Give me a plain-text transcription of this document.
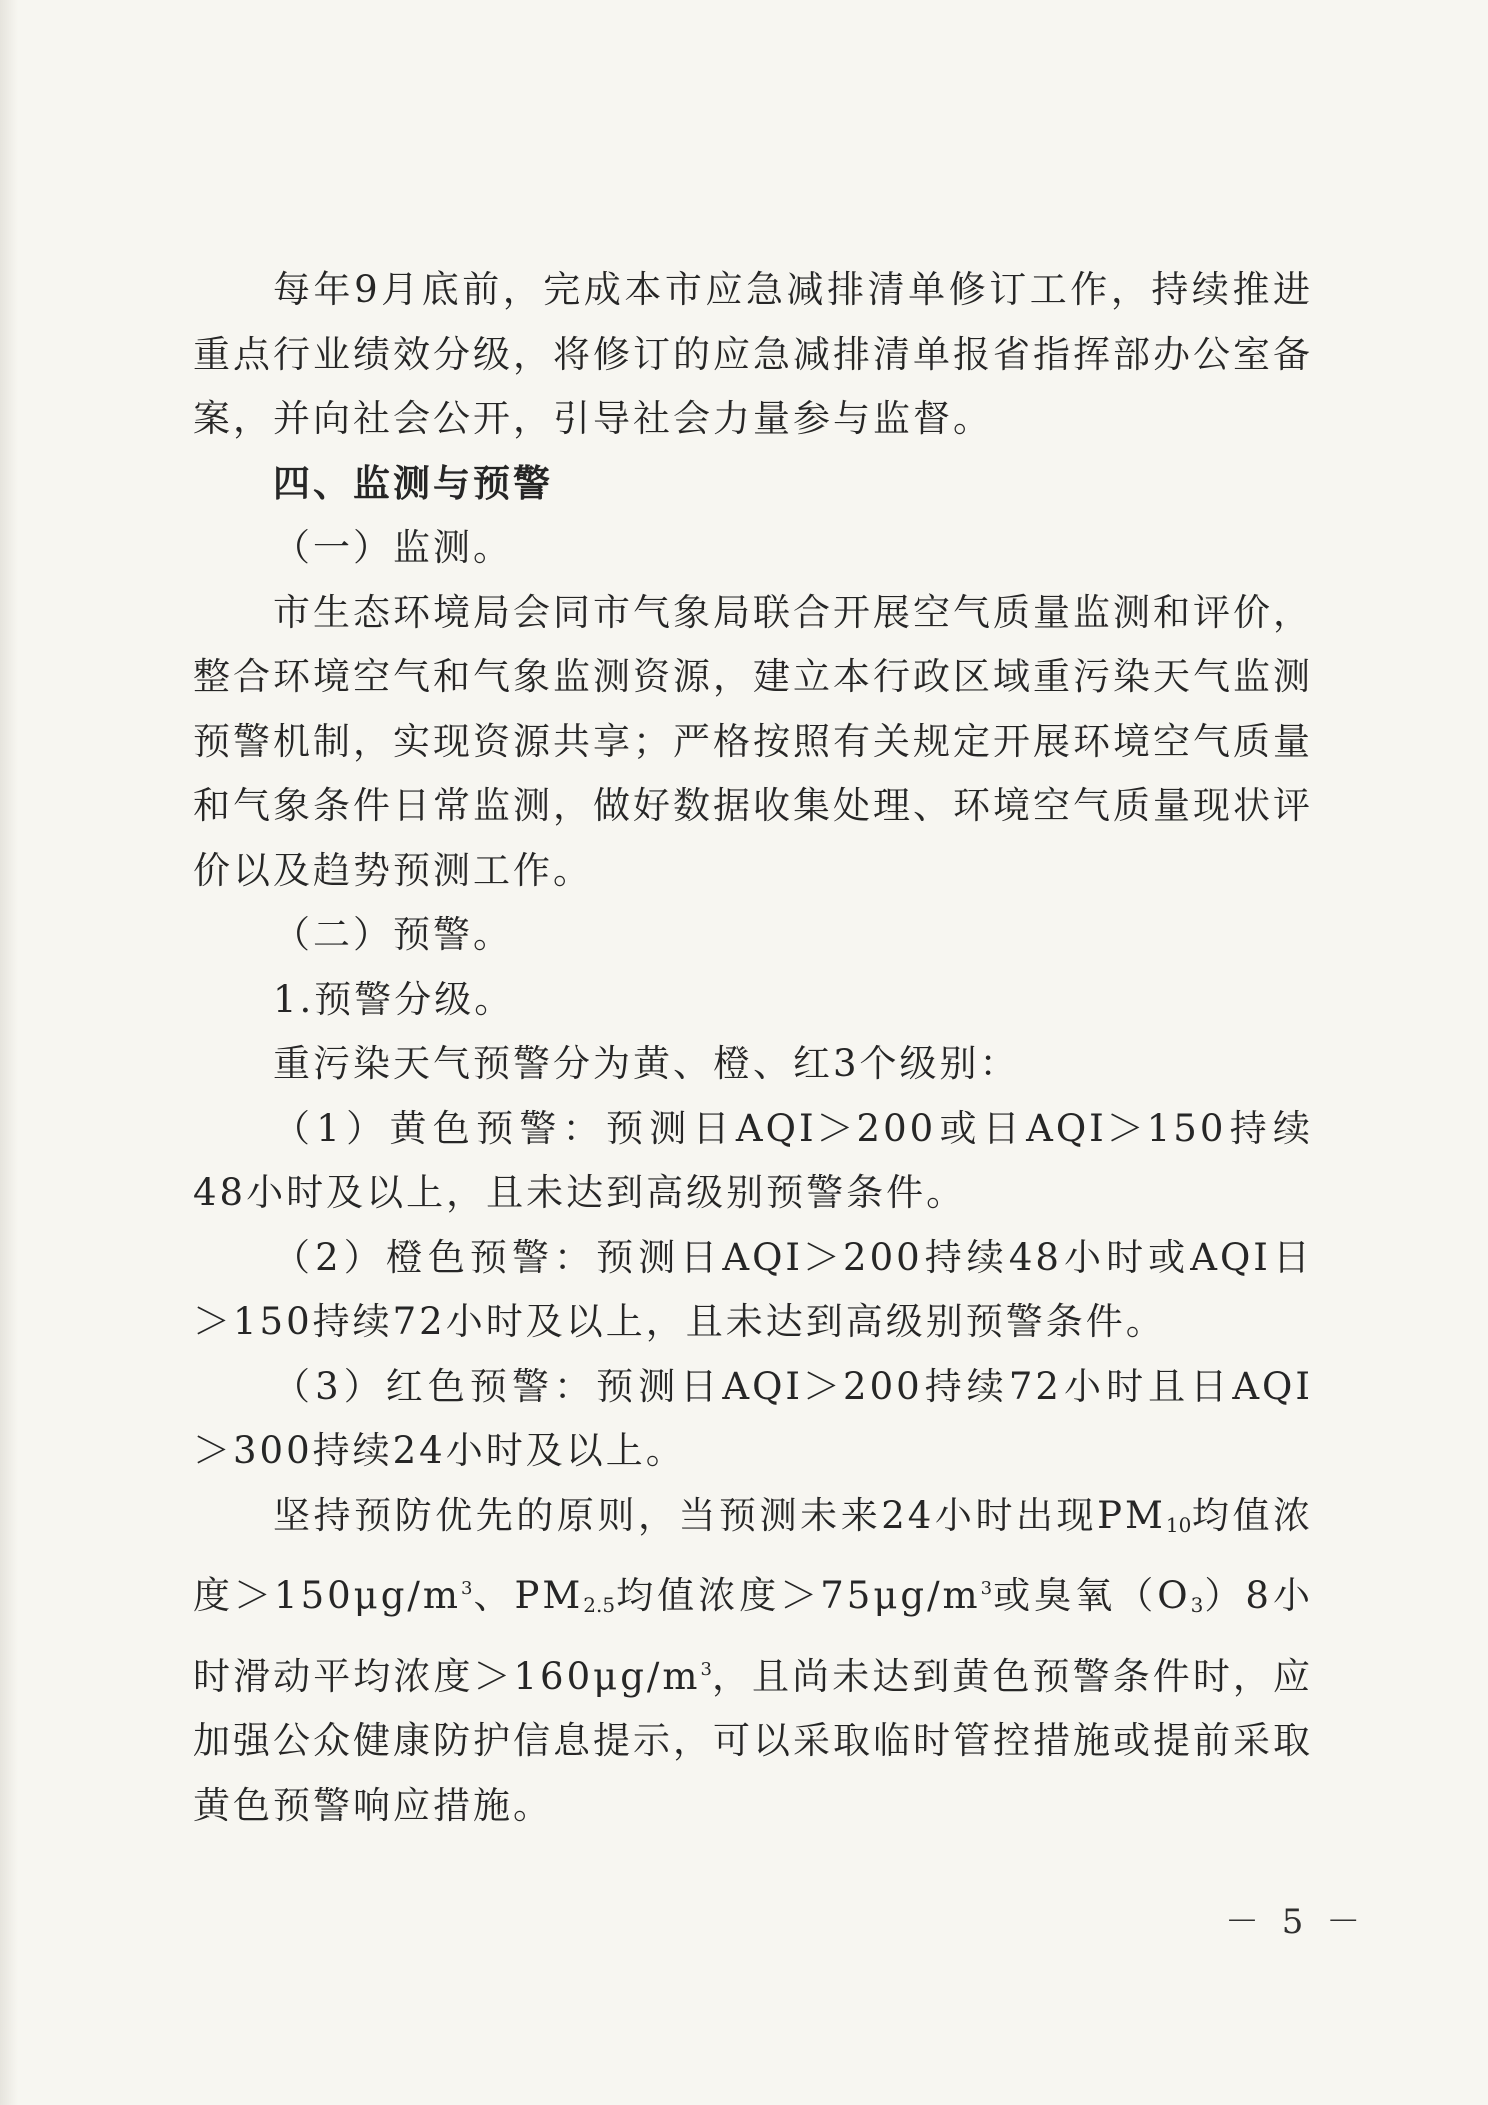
每年9月底前，完成本市应急减排清单修订工作，持续推进重点行业绩效分级，将修订的应急减排清单报省指挥部办公室备案，并向社会公开，引导社会力量参与监督。

四、监测与预警

（一）监测。

市生态环境局会同市气象局联合开展空气质量监测和评价，整合环境空气和气象监测资源，建立本行政区域重污染天气监测预警机制，实现资源共享；严格按照有关规定开展环境空气质量和气象条件日常监测，做好数据收集处理、环境空气质量现状评价以及趋势预测工作。

（二）预警。

1.预警分级。

重污染天气预警分为黄、橙、红3个级别：

（1）黄色预警：预测日AQI＞200或日AQI＞150持续48小时及以上，且未达到高级别预警条件。

（2）橙色预警：预测日AQI＞200持续48小时或AQI日＞150持续72小时及以上，且未达到高级别预警条件。

（3）红色预警：预测日AQI＞200持续72小时且日AQI＞300持续24小时及以上。

坚持预防优先的原则，当预测未来24小时出现$PM_{10}$均值浓度$>150\mu g/m^3$、$PM_{2.5}$均值浓度$>75\mu g/m^3$或臭氧$(O_3)8$小时滑动平均浓度$>160\mu g/m^3$，且尚未达到黄色预警条件时，应加强公众健康防护信息提示，可以采取临时管控措施或提前采取黄色预警响应措施。

－ 5 －
